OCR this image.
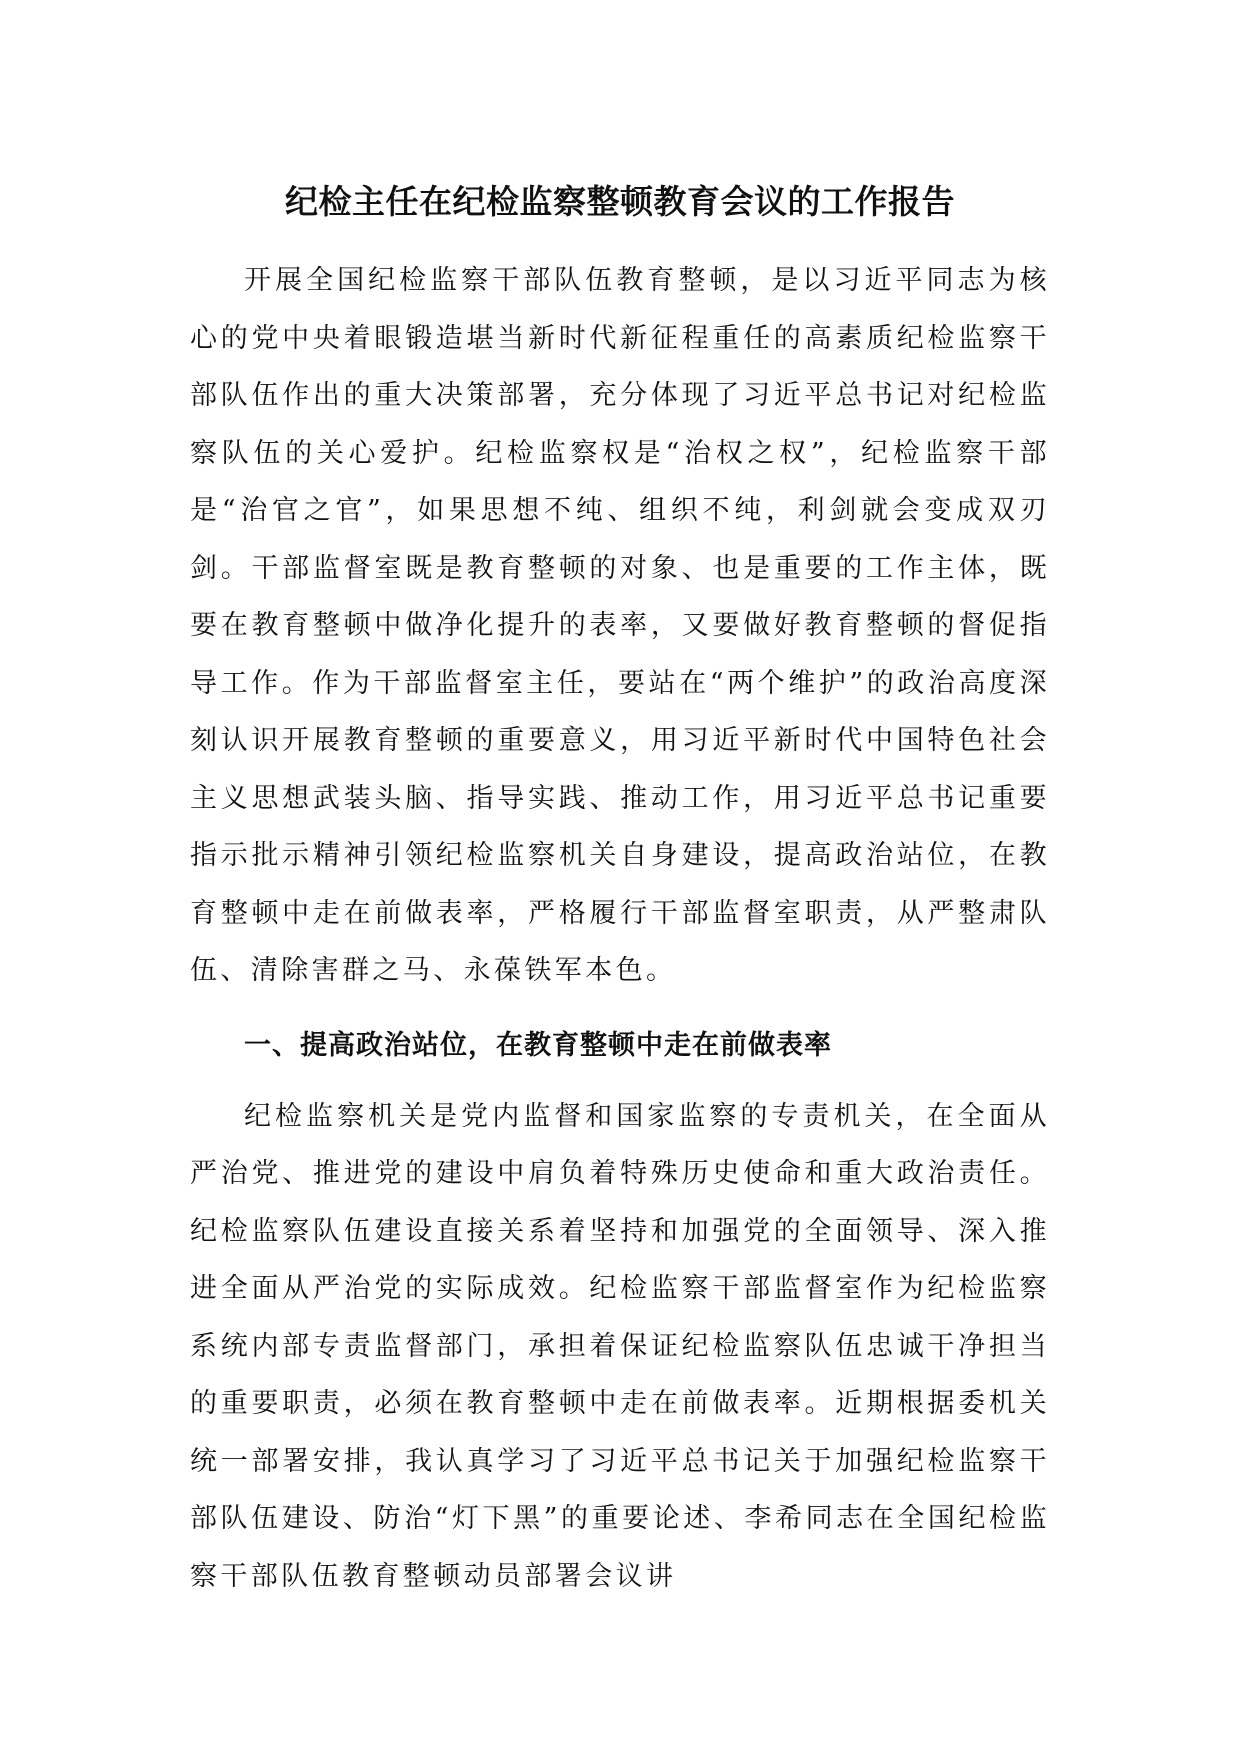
纪检主任在纪检监察整顿教育会议的工作报告

开展全国纪检监察干部队伍教育整顿，是以习近平同志为核心的党中央着眼锻造堪当新时代新征程重任的高素质纪检监察干部队伍作出的重大决策部署，充分体现了习近平总书记对纪检监察队伍的关心爱护。纪检监察权是“治权之权”，纪检监察干部是“治官之官”，如果思想不纯、组织不纯，利剑就会变成双刃剑。干部监督室既是教育整顿的对象、也是重要的工作主体，既要在教育整顿中做净化提升的表率，又要做好教育整顿的督促指导工作。作为干部监督室主任，要站在“两个维护”的政治高度深刻认识开展教育整顿的重要意义，用习近平新时代中国特色社会主义思想武装头脑、指导实践、推动工作，用习近平总书记重要指示批示精神引领纪检监察机关自身建设，提高政治站位，在教育整顿中走在前做表率，严格履行干部监督室职责，从严整肃队伍、清除害群之马、永葆铁军本色。

一、提高政治站位，在教育整顿中走在前做表率

纪检监察机关是党内监督和国家监察的专责机关，在全面从严治党、推进党的建设中肩负着特殊历史使命和重大政治责任。纪检监察队伍建设直接关系着坚持和加强党的全面领导、深入推进全面从严治党的实际成效。纪检监察干部监督室作为纪检监察系统内部专责监督部门，承担着保证纪检监察队伍忠诚干净担当的重要职责，必须在教育整顿中走在前做表率。近期根据委机关统一部署安排，我认真学习了习近平总书记关于加强纪检监察干部队伍建设、防治“灯下黑”的重要论述、李希同志在全国纪检监察干部队伍教育整顿动员部署会议讲
